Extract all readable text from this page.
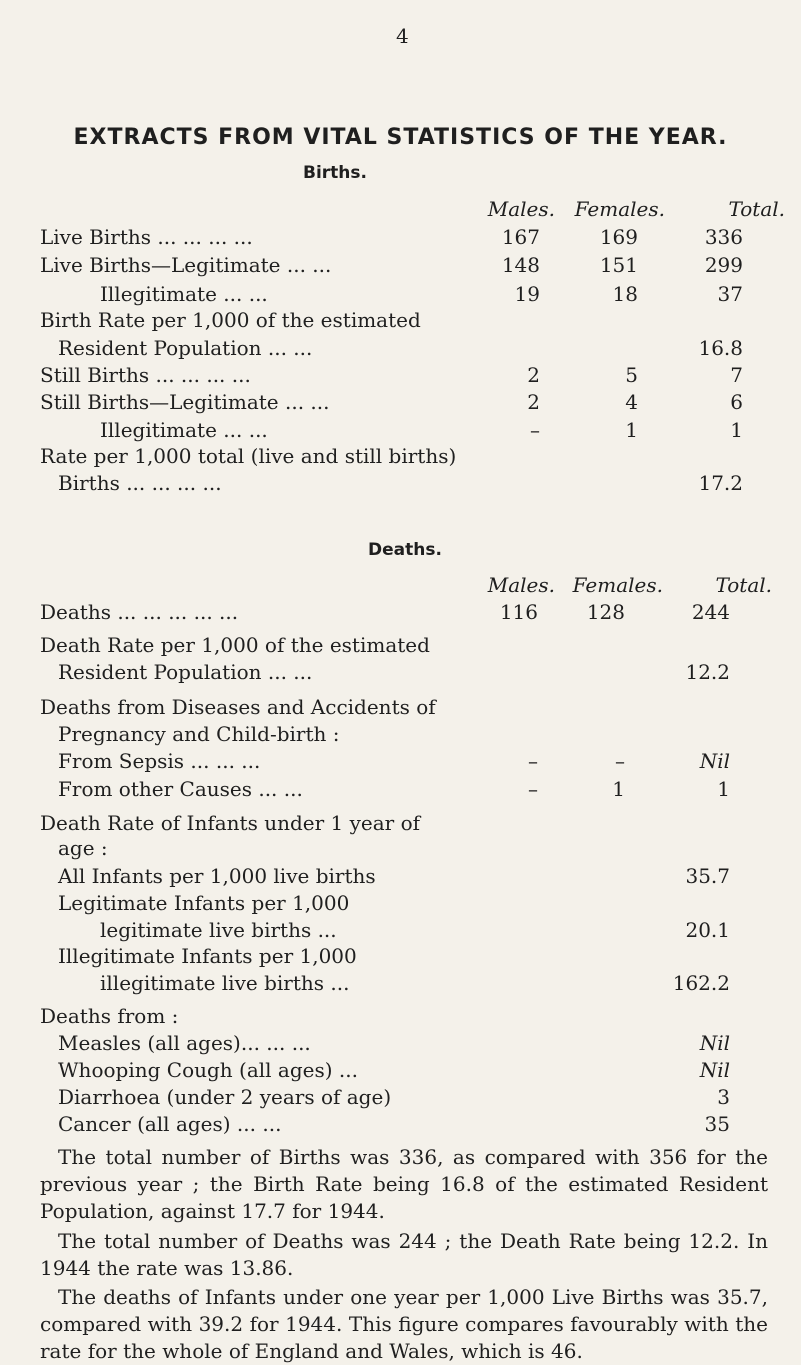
4
EXTRACTS FROM VITAL STATISTICS OF THE YEAR.
Births.
Males. Females.	Total.
Live Births ... ... ... ...	167	169	336
Live Births—Legitimate ... ...	148	151	299
Illegitimate ... ...	19	18	37
Birth Rate per 1,000 of the estimated
Resident Population ... ...	16.8
Still Births ... ... ... ...	2	5	7
Still Births—Legitimate ... ...	2	4	6
Illegitimate ... ...	–	1	1
Rate per 1,000 total (live and still births)
Births ... ... ... ...	17.2
Deaths.
Males. Females.	Total.
Deaths ... ... ... ... ...	116	128	244
Death Rate per 1,000 of the estimated
Resident Population ... ...	12.2
Deaths from Diseases and Accidents of
Pregnancy and Child-birth :
From Sepsis ... ... ...	–	–	Nil
From other Causes ... ...	–	1	1
Death Rate of Infants under 1 year of
age :
All Infants per 1,000 live births	35.7
Legitimate Infants per 1,000
legitimate live births ...	20.1
Illegitimate Infants per 1,000
illegitimate live births ...	162.2
Deaths from :
Measles (all ages)... ... ...	Nil
Whooping Cough (all ages) ...	Nil
Diarrhoea (under 2 years of age)	3
Cancer (all ages) ... ...	35
The total number of Births was 336, as compared with 356 for the previous year ; the Birth Rate being 16.8 of the estimated Resident Population, against 17.7 for 1944.
The total number of Deaths was 244 ; the Death Rate being 12.2. In 1944 the rate was 13.86.
The deaths of Infants under one year per 1,000 Live Births was 35.7, compared with 39.2 for 1944. This figure compares favourably with the rate for the whole of England and Wales, which is 46.
